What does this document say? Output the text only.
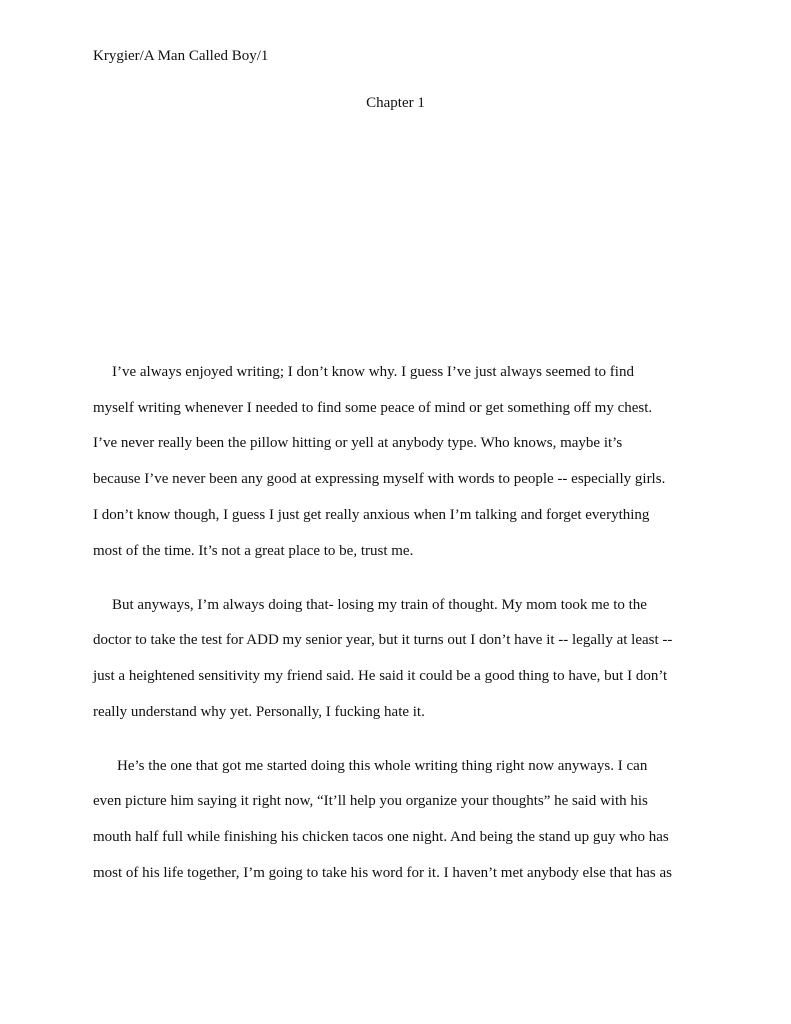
Krygier/A Man Called Boy/1
Chapter 1
I’ve always enjoyed writing; I don’t know why. I guess I’ve just always seemed to find
myself writing whenever I needed to find some peace of mind or get something off my chest.
I’ve never really been the pillow hitting or yell at anybody type. Who knows, maybe it’s
because I’ve never been any good at expressing myself with words to people -- especially girls.
I don’t know though, I guess I just get really anxious when I’m talking and forget everything
most of the time. It’s not a great place to be, trust me.
But anyways, I’m always doing that- losing my train of thought. My mom took me to the
doctor to take the test for ADD my senior year, but it turns out I don’t have it -- legally at least --
just a heightened sensitivity my friend said. He said it could be a good thing to have, but I don’t
really understand why yet. Personally, I fucking hate it.
He’s the one that got me started doing this whole writing thing right now anyways. I can
even picture him saying it right now, “It’ll help you organize your thoughts” he said with his
mouth half full while finishing his chicken tacos one night. And being the stand up guy who has
most of his life together, I’m going to take his word for it. I haven’t met anybody else that has as
